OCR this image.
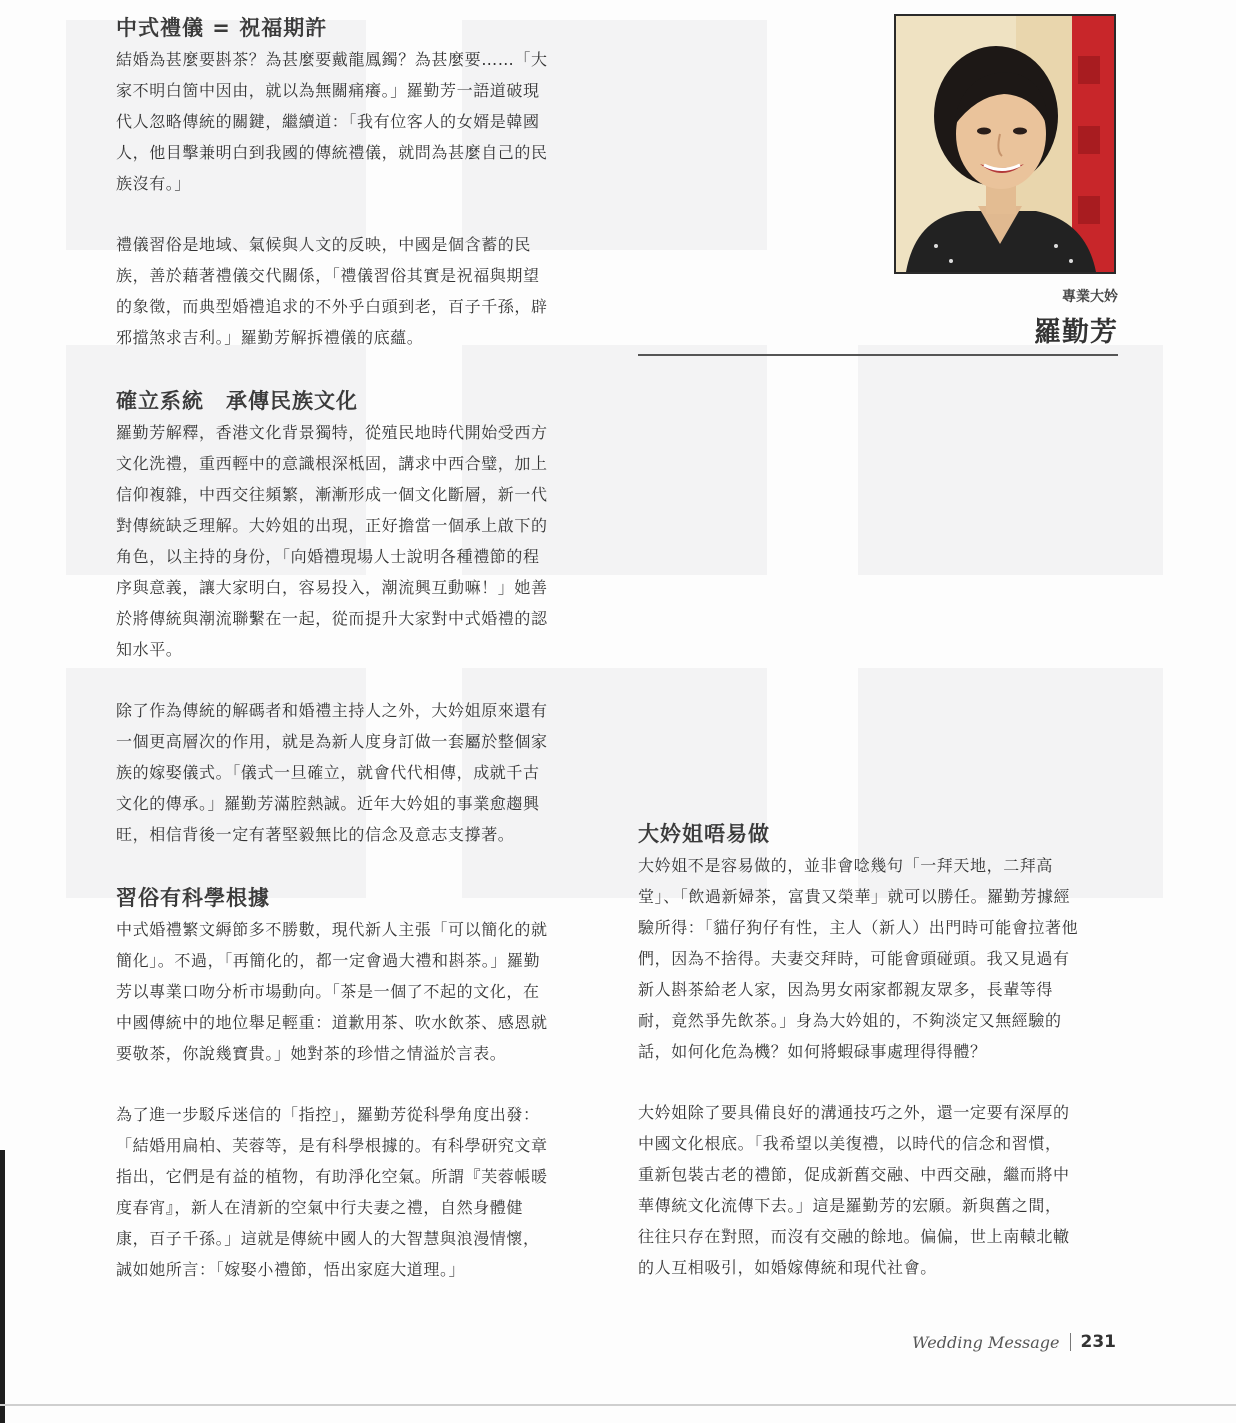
中式禮儀 = 祝福期許

結婚為甚麼要斟茶？為甚麼要戴龍鳳鐲？為甚麼要……「大
家不明白箇中因由，就以為無關痛癢。」羅勤芳一語道破現
代人忽略傳統的關鍵，繼續道：「我有位客人的女婿是韓國
人，他目擊兼明白到我國的傳統禮儀，就問為甚麼自己的民
族沒有。」

禮儀習俗是地域、氣候與人文的反映，中國是個含蓄的民
族，善於藉著禮儀交代關係，「禮儀習俗其實是祝福與期望
的象徵，而典型婚禮追求的不外乎白頭到老，百子千孫，辟
邪擋煞求吉利。」羅勤芳解拆禮儀的底蘊。

確立系統　承傳民族文化

羅勤芳解釋，香港文化背景獨特，從殖民地時代開始受西方
文化洗禮，重西輕中的意識根深柢固，講求中西合璧，加上
信仰複雜，中西交往頻繁，漸漸形成一個文化斷層，新一代
對傳統缺乏理解。大妗姐的出現，正好擔當一個承上啟下的
角色，以主持的身份，「向婚禮現場人士說明各種禮節的程
序與意義，讓大家明白，容易投入，潮流興互動嘛！」她善
於將傳統與潮流聯繫在一起，從而提升大家對中式婚禮的認
知水平。

除了作為傳統的解碼者和婚禮主持人之外，大妗姐原來還有
一個更高層次的作用，就是為新人度身訂做一套屬於整個家
族的嫁娶儀式。「儀式一旦確立，就會代代相傳，成就千古
文化的傳承。」羅勤芳滿腔熱誠。近年大妗姐的事業愈趨興
旺，相信背後一定有著堅毅無比的信念及意志支撐著。

習俗有科學根據

中式婚禮繁文縟節多不勝數，現代新人主張「可以簡化的就
簡化」。不過，「再簡化的，都一定會過大禮和斟茶。」羅勤
芳以專業口吻分析市場動向。「茶是一個了不起的文化，在
中國傳統中的地位舉足輕重：道歉用茶、吹水飲茶、感恩就
要敬茶，你說幾寶貴。」她對茶的珍惜之情溢於言表。

為了進一步駁斥迷信的「指控」，羅勤芳從科學角度出發：
「結婚用扁柏、芙蓉等，是有科學根據的。有科學研究文章
指出，它們是有益的植物，有助淨化空氣。所謂『芙蓉帳暖
度春宵』，新人在清新的空氣中行夫妻之禮，自然身體健
康，百子千孫。」這就是傳統中國人的大智慧與浪漫情懷，
誠如她所言：「嫁娶小禮節，悟出家庭大道理。」

專業大妗
羅勤芳
大妗姐唔易做

大妗姐不是容易做的，並非會唸幾句「一拜天地，二拜高
堂」、「飲過新婦茶，富貴又榮華」就可以勝任。羅勤芳據經
驗所得：「貓仔狗仔有性，主人（新人）出門時可能會拉著他
們，因為不捨得。夫妻交拜時，可能會頭碰頭。我又見過有
新人斟茶給老人家，因為男女兩家都親友眾多，長輩等得
耐，竟然爭先飲茶。」身為大妗姐的，不夠淡定又無經驗的
話，如何化危為機？如何將蝦碌事處理得得體？

大妗姐除了要具備良好的溝通技巧之外，還一定要有深厚的
中國文化根底。「我希望以美復禮，以時代的信念和習慣，
重新包裝古老的禮節，促成新舊交融、中西交融，繼而將中
華傳統文化流傳下去。」這是羅勤芳的宏願。新與舊之間，
往往只存在對照，而沒有交融的餘地。偏偏，世上南轅北轍
的人互相吸引，如婚嫁傳統和現代社會。

Wedding Message 231
